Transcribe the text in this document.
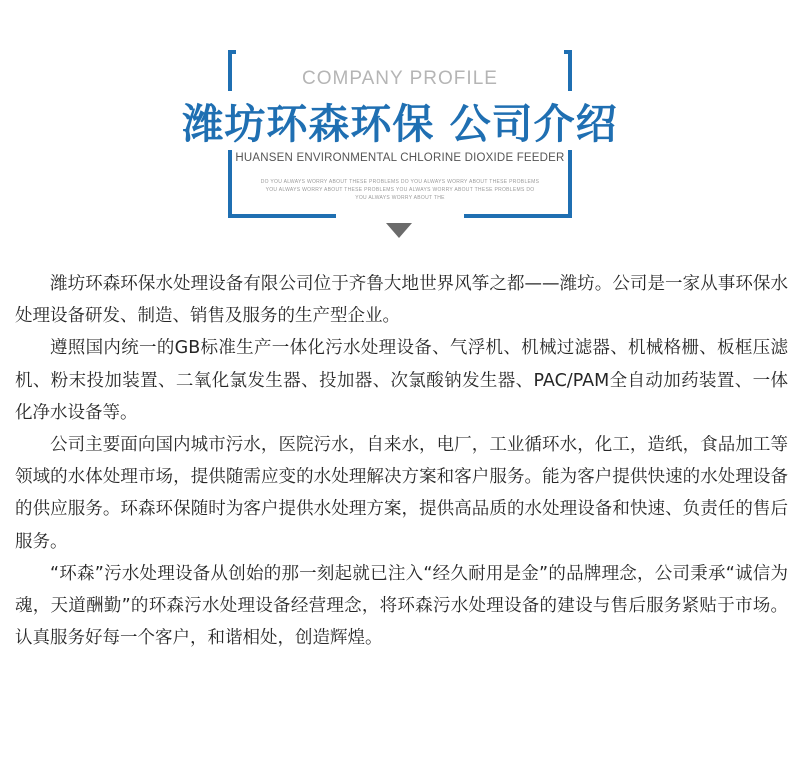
COMPANY PROFILE
潍坊环森环保 公司介绍
HUANSEN ENVIRONMENTAL CHLORINE DIOXIDE FEEDER
DO YOU ALWAYS WORRY ABOUT THESE PROBLEMS DO YOU ALWAYS WORRY ABOUT THESE PROBLEMS YOU ALWAYS WORRY ABOUT THESE PROBLEMS YOU ALWAYS WORRY ABOUT THESE PROBLEMS DO YOU ALWAYS WORRY ABOUT THE

潍坊环森环保水处理设备有限公司位于齐鲁大地世界风筝之都——潍坊。公司是一家从事环保水处理设备研发、制造、销售及服务的生产型企业。

遵照国内统一的GB标准生产一体化污水处理设备、气浮机、机械过滤器、机械格栅、板框压滤机、粉末投加装置、二氧化氯发生器、投加器、次氯酸钠发生器、PAC/PAM全自动加药装置、一体化净水设备等。

公司主要面向国内城市污水，医院污水，自来水，电厂，工业循环水，化工，造纸，食品加工等领域的水体处理市场，提供随需应变的水处理解决方案和客户服务。能为客户提供快速的水处理设备的供应服务。环森环保随时为客户提供水处理方案，提供高品质的水处理设备和快速、负责任的售后服务。

“环森”污水处理设备从创始的那一刻起就已注入“经久耐用是金”的品牌理念，公司秉承“诚信为魂，天道酬勤”的环森污水处理设备经营理念，将环森污水处理设备的建设与售后服务紧贴于市场。认真服务好每一个客户，和谐相处，创造辉煌。
